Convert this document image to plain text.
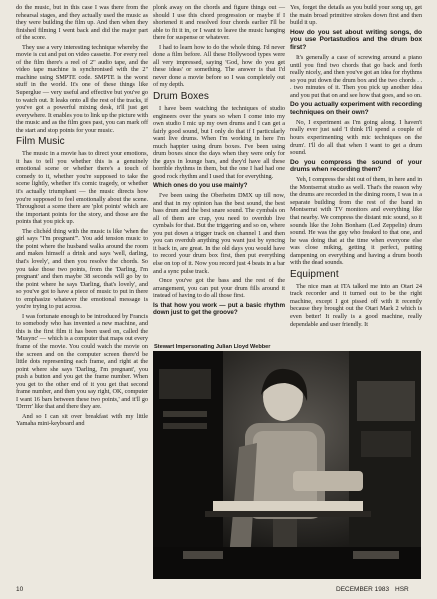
do the music, but in this case I was there from the rehearsal stages, and they actually used the music as they were building the film up. And then when they finished filming I went back and did the major part of the score.

They use a very interesting technique whereby the movie is cut and put on video cassette. For every reel of the film there's a reel of 2" audio tape, and the video tape machine is synchronised with the 2" machine using SMPTE code. SMPTE is the worst stuff in the world. It's one of these things like Superglue — very useful and effective but you've go to watch out. It leaks onto all the rest of the tracks, if you've got a powerful mixing desk, it'll just get everywhere. It enables you to link up the picture with the music and as the film goes past, you can mark off the start and stop points for your music.

Film Music

The music in a movie has to direct your emotions, it has to tell you whether this is a genuinely emotional scene or whether there's a touch of comedy to it, whether you're supposed to take the scene lightly, whether it's comic tragedy, or whether it's actually triumphant — the music directs how you're supposed to feel emotionally about the scene. Throughout a scene there are 'plot points' which are the important points for the story, and those are the points that you pick up.

The clichéd thing with the music is like 'when the girl says "I'm pregnant"'. You add tension music to the point where the husband walks around the room and makes himself a drink and says 'well, darling, that's lovely', and then you resolve the chords. So you take those two points, from the 'Darling, I'm pregnant' and then maybe 38 seconds will go by to the point where he says 'Darling, that's lovely', and so you've got to have a piece of music to put in there to emphasize whatever the emotional message is you're trying to put across.

I was fortunate enough to be introduced by Francis to somebody who has invented a new machine, and this is the first film it has been used on, called the 'Musync' — which is a computer that maps out every frame of the movie. You could watch the movie on the screen and on the computer screen there'd be little dots representing each frame, and right at the point where she says 'Darling, I'm pregnant', you push a button and you get the frame number. When you get to the other end of it you get that second frame number, and then you say right, OK, computer I want 16 bars between these two points,' and it'll go 'Drrrrr' like that and there they are.

And so I can sit over breakfast with my little Yamaha mini-keyboard and

plonk away on the chords and figure things out — should I use this chord progression or maybe if I shortened it and resolved four chords earlier I'll be able to fit it in, or I want to leave the music hanging there for suspense or whatever.

I had to learn how to do the whole thing. I'd never done a film before. All these Hollywood types were all very impressed, saying 'God, how do you get these ideas' or something. The answer is that I'd never done a movie before so I was completely out of my depth.

Drum Boxes

I have been watching the techniques of studio engineers over the years so when I come into my own studio I mic up my own drums and I can get a fairly good sound, but I only do that if I particularly want live drums. When I'm working in here I'm much happier using drum boxes. I've been using drum boxes since the days when they were only for the guys in lounge bars, and they'd have all these horrible rhythms in them, but the one I had had one good rock rhythm and I used that for everything.

Which ones do you use mainly?

I've been using the Oberheim DMX up till now, and that in my opinion has the best sound, the best bass drum and the best snare sound. The cymbals on all of them are crap, you need to overdub live cymbals for that. But the triggering and so on, where you put down a trigger track on channel 1 and then you can overdub anything you want just by syncing it back in, are great. In the old days you would have to record your drum box first, then put everything else on top of it. Now you record just 4 beats in a bar and a sync pulse track.

Once you've got the bass and the rest of the arrangement, you can put your drum fills around it instead of having to do all those first.

Is that how you work — put a basic rhythm down just to get the groove?

Yes, forget the details as you build your song up, get the main broad primitive strokes down first and then build it up.

How do you set about writing songs, do you use Portastudios and the drum box first?

It's generally a case of screwing around a piano until you find two chords that go back and forth really nicely, and then you've got an idea for rhythms so you put down the drum box and the two chords . . . two minutes of it. Then you pick up another idea and you put that on and see how that goes, and so on.

Do you actually experiment with recording techniques on their own?

No, I experiment as I'm going along. I haven't really ever just said 'I think I'll spend a couple of hours experimenting with mic techniques on the drum'. I'll do all that when I want to get a drum sound.

Do you compress the sound of your drums when recording them?

Yeh, I compress the shit out of them, in here and in the Montserrat studio as well. That's the reason why the drums are recorded in the dining room, I was in a separate building from the rest of the band in Montserrat with TV monitors and everything like that nearby. We compress the distant mic sound, so it sounds like the John Bonham (Led Zeppelin) drum sound. He was the guy who freaked to that one, and he was doing that at the time when everyone else was close miking, getting it perfect, putting dampening on everything and having a drum booth with the dead sounds.

Equipment

The nice man at ITA talked me into an Otari 24 track recorder and it turned out to be the right machine, except I got pissed off with it recently because they brought out the Otari Mark 2 which is even better! It really is a good machine, really dependable and user friendly. It

Stewart Impersonating Julian Lloyd Webber
10	DECEMBER 1983 HSR
